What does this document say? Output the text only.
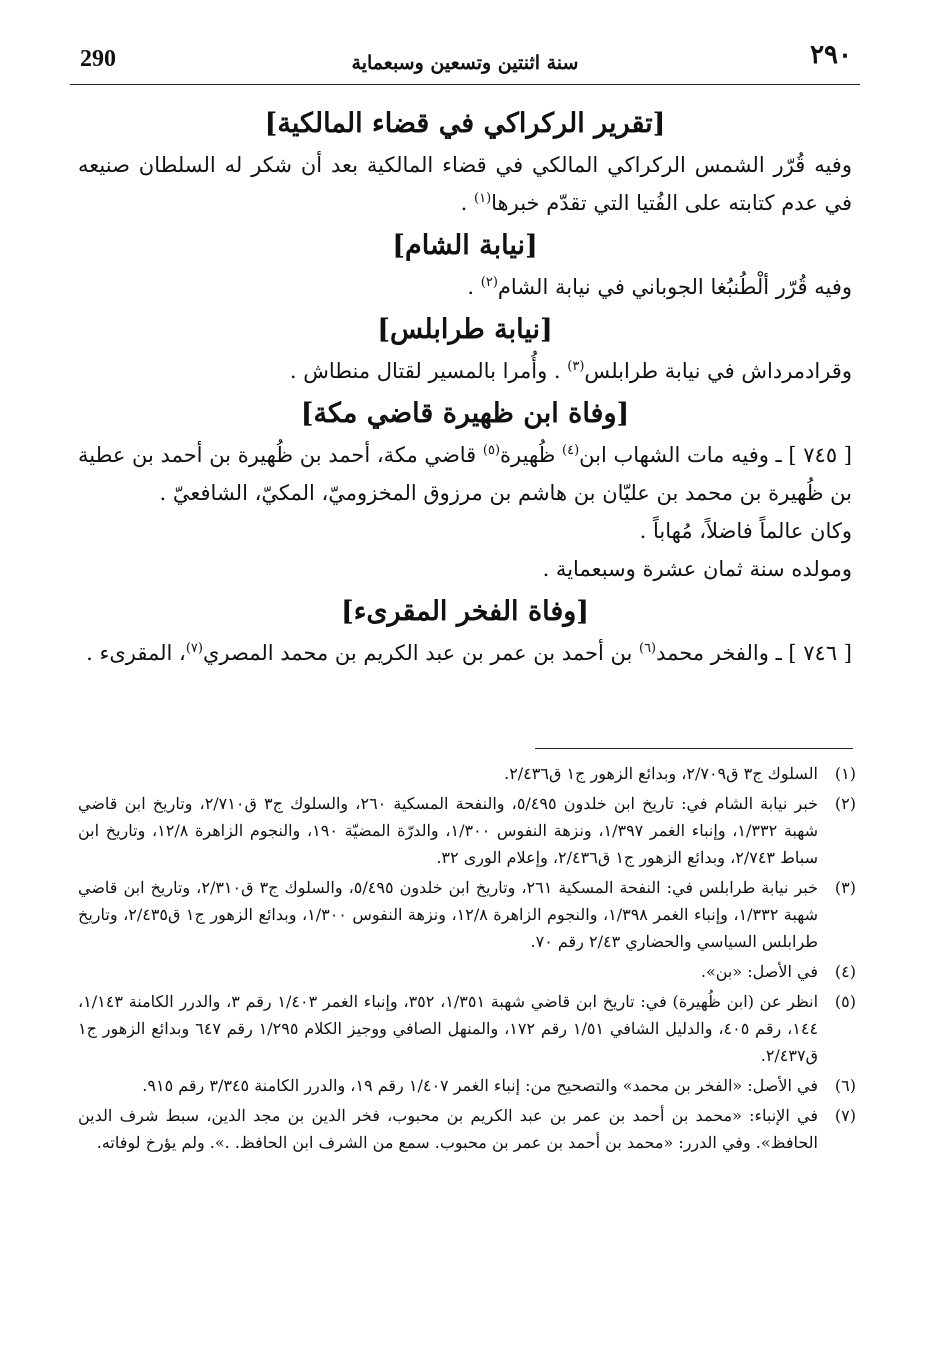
290	سنة اثنتين وتسعين وسبعماية	٢٩٠
[تقرير الركراكي في قضاء المالكية]

وفيه قُرّر الشمس الركراكي المالكي في قضاء المالكية بعد أن شكر له السلطان صنيعه في عدم كتابته على الفُتيا التي تقدّم خبرها$^{(١)}$ .

[نيابة الشام]

وفيه قُرّر ألْطُنبُغا الجوباني في نيابة الشام$^{(٢)}$ .

[نيابة طرابلس]

وقرادمرداش في نيابة طرابلس$^{(٣)}$ . وأُمرا بالمسير لقتال منطاش .

[وفاة ابن ظهيرة قاضي مكة]

[ ٧٤٥ ] ـ وفيه مات الشهاب ابن$^{(٤)}$ ظُهيرة$^{(٥)}$ قاضي مكة، أحمد بن ظُهيرة بن أحمد بن عطية بن ظُهيرة بن محمد بن عليّان بن هاشم بن مرزوق المخزوميّ، المكيّ، الشافعيّ .

وكان عالماً فاضلاً، مُهاباً .

ومولده سنة ثمان عشرة وسبعماية .

[وفاة الفخر المقرىء]

[ ٧٤٦ ] ـ والفخر محمد$^{(٦)}$ بن أحمد بن عمر بن عبد الكريم بن محمد المصري$^{(٧)}$، المقرىء .

(١)
السلوك ج٣ ق٢/٧٠٩، وبدائع الزهور ج١ ق٢/٤٣٦.
(٢)
خبر نيابة الشام في: تاريخ ابن خلدون ٥/٤٩٥، والنفحة المسكية ٢٦٠، والسلوك ج٣ ق٢/٧١٠، وتاريخ ابن قاضي شهبة ١/٣٣٢، وإنباء الغمر ١/٣٩٧، ونزهة النفوس ١/٣٠٠، والدرّة المضيّة ١٩٠، والنجوم الزاهرة ١٢/٨، وتاريخ ابن سباط ٢/٧٤٣، وبدائع الزهور ج١ ق٢/٤٣٦، وإعلام الورى ٣٢.
(٣)
خبر نيابة طرابلس في: النفحة المسكية ٢٦١، وتاريخ ابن خلدون ٥/٤٩٥، والسلوك ج٣ ق٢/٣١٠، وتاريخ ابن قاضي شهبة ١/٣٣٢، وإنباء الغمر ١/٣٩٨، والنجوم الزاهرة ١٢/٨، ونزهة النفوس ١/٣٠٠، وبدائع الزهور ج١ ق٢/٤٣٥، وتاريخ طرابلس السياسي والحضاري ٢/٤٣ رقم ٧٠.
(٤)
في الأصل: «بن».
(٥)
انظر عن (ابن ظُهيرة) في: تاريخ ابن قاضي شهبة ١/٣٥١، ٣٥٢، وإنباء الغمر ١/٤٠٣ رقم ٣، والدرر الكامنة ١/١٤٣، ١٤٤، رقم ٤٠٥، والدليل الشافي ١/٥١ رقم ١٧٢، والمنهل الصافي ووجيز الكلام ١/٢٩٥ رقم ٦٤٧ وبدائع الزهور ج١ ق٢/٤٣٧.
(٦)
في الأصل: «الفخر بن محمد» والتصحيح من: إنباء الغمر ١/٤٠٧ رقم ١٩، والدرر الكامنة ٣/٣٤٥ رقم ٩١٥.
(٧)
في الإنباء: «محمد بن أحمد بن عمر بن عبد الكريم بن محبوب، فخر الدين بن مجد الدين، سبط شرف الدين الحافظ». وفي الدرر: «محمد بن أحمد بن عمر بن محبوب. سمع من الشرف ابن الحافظ. .». ولم يؤرخ لوفاته.
